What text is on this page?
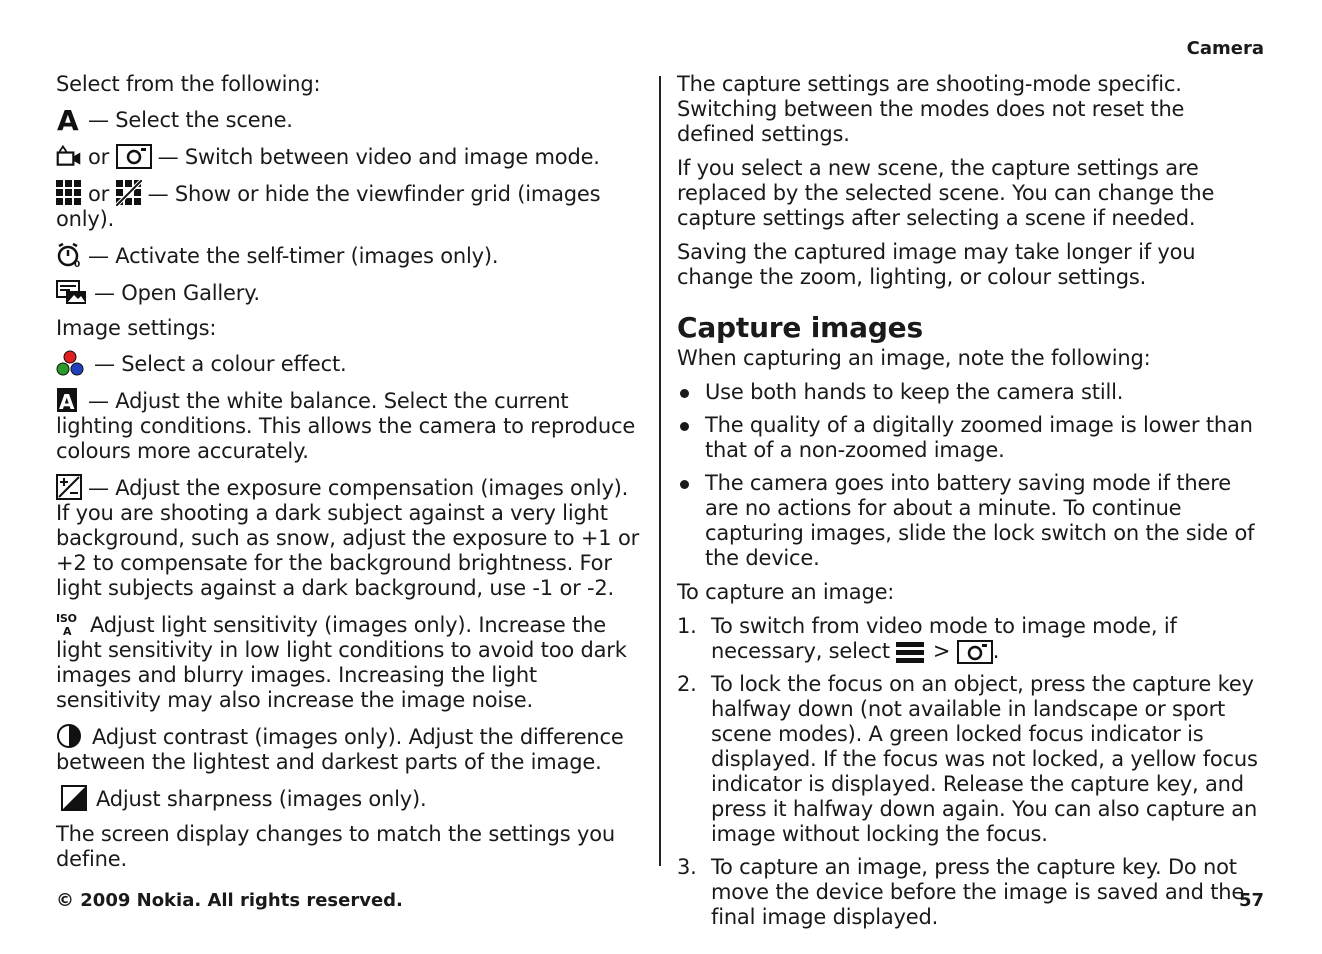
Camera

Select from the following:

A — Select the scene.
or — Switch between video and image mode.
or — Show or hide the viewfinder grid (images only).
0 — Activate the self-timer (images only).
— Open Gallery.

Image settings:

— Select a colour effect.
A — Adjust the white balance. Select the current lighting conditions. This allows the camera to reproduce colours more accurately.
— Adjust the exposure compensation (images only). If you are shooting a dark subject against a very light background, such as snow, adjust the exposure to +1 or +2 to compensate for the background brightness. For light subjects against a dark background, use -1 or -2.
ISO
A Adjust light sensitivity (images only). Increase the light sensitivity in low light conditions to avoid too dark images and blurry images. Increasing the light sensitivity may also increase the image noise.
Adjust contrast (images only). Adjust the difference between the lightest and darkest parts of the image.
Adjust sharpness (images only).

The screen display changes to match the settings you define.

The capture settings are shooting-mode specific. Switching between the modes does not reset the defined settings.

If you select a new scene, the capture settings are replaced by the selected scene. You can change the capture settings after selecting a scene if needed.

Saving the captured image may take longer if you change the zoom, lighting, or colour settings.

Capture images

When capturing an image, note the following:

Use both hands to keep the camera still.
The quality of a digitally zoomed image is lower than that of a non-zoomed image.
The camera goes into battery saving mode if there are no actions for about a minute. To continue capturing images, slide the lock switch on the side of the device.

To capture an image:

1. To switch from video mode to image mode, if necessary, select > .
2. To lock the focus on an object, press the capture key halfway down (not available in landscape or sport scene modes). A green locked focus indicator is displayed. If the focus was not locked, a yellow focus indicator is displayed. Release the capture key, and press it halfway down again. You can also capture an image without locking the focus.
3. To capture an image, press the capture key. Do not move the device before the image is saved and the final image displayed.
© 2009 Nokia. All rights reserved.	57
